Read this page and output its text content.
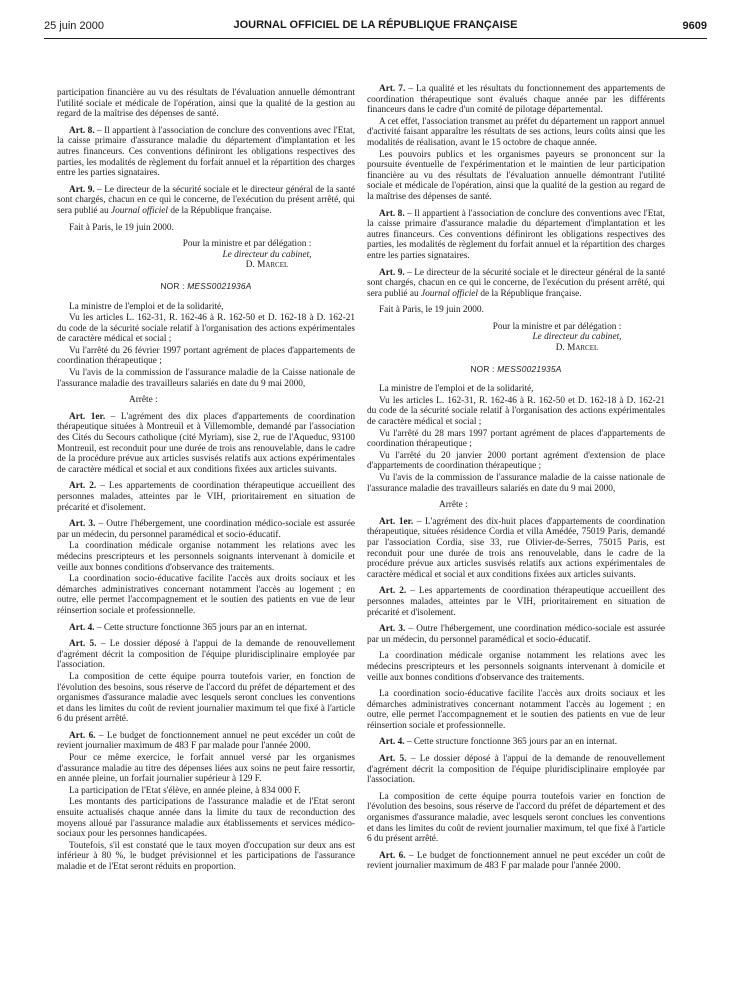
25 juin 2000	JOURNAL OFFICIEL DE LA RÉPUBLIQUE FRANÇAISE	9609

participation financière au vu des résultats de l'évaluation annuelle démontrant l'utilité sociale et médicale de l'opération, ainsi que la qualité de la gestion au regard de la maîtrise des dépenses de santé.

Art. 8. – Il appartient à l'association de conclure des conventions avec l'Etat, la caisse primaire d'assurance maladie du département d'implantation et les autres financeurs. Ces conventions définiront les obligations respectives des parties, les modalités de règlement du forfait annuel et la répartition des charges entre les parties signataires.

Art. 9. – Le directeur de la sécurité sociale et le directeur général de la santé sont chargés, chacun en ce qui le concerne, de l'exécution du présent arrêté, qui sera publié au Journal officiel de la République française.

Fait à Paris, le 19 juin 2000.

Pour la ministre et par délégation :
Le directeur du cabinet,
D. Marcel
NOR : MESS0021936A

La ministre de l'emploi et de la solidarité,

Vu les articles L. 162-31, R. 162-46 à R. 162-50 et D. 162-18 à D. 162-21 du code de la sécurité sociale relatif à l'organisation des actions expérimentales de caractère médical et social ;

Vu l'arrêté du 26 février 1997 portant agrément de places d'appartements de coordination thérapeutique ;

Vu l'avis de la commission de l'assurance maladie de la Caisse nationale de l'assurance maladie des travailleurs salariés en date du 9 mai 2000,

Arrête :

Art. 1er. – L'agrément des dix places d'appartements de coordination thérapeutique situées à Montreuil et à Villemomble, demandé par l'association des Cités du Secours catholique (cité Myriam), sise 2, rue de l'Aqueduc, 93100 Montreuil, est reconduit pour une durée de trois ans renouvelable, dans le cadre de la procédure prévue aux articles susvisés relatifs aux actions expérimentales de caractère médical et social et aux conditions fixées aux articles suivants.

Art. 2. – Les appartements de coordination thérapeutique accueillent des personnes malades, atteintes par le VIH, prioritairement en situation de précarité et d'isolement.

Art. 3. – Outre l'hébergement, une coordination médico-sociale est assurée par un médecin, du personnel paramédical et socio-éducatif.

La coordination médicale organise notamment les relations avec les médecins prescripteurs et les personnels soignants intervenant à domicile et veille aux bonnes conditions d'observance des traitements.

La coordination socio-éducative facilite l'accès aux droits sociaux et les démarches administratives concernant notamment l'accès au logement ; en outre, elle permet l'accompagnement et le soutien des patients en vue de leur réinsertion sociale et professionnelle.

Art. 4. – Cette structure fonctionne 365 jours par an en internat.

Art. 5. – Le dossier déposé à l'appui de la demande de renouvellement d'agrément décrit la composition de l'équipe pluridisciplinaire employée par l'association.

La composition de cette équipe pourra toutefois varier, en fonction de l'évolution des besoins, sous réserve de l'accord du préfet de département et des organismes d'assurance maladie avec lesquels seront conclues les conventions et dans les limites du coût de revient journalier maximum tel que fixé à l'article 6 du présent arrêté.

Art. 6. – Le budget de fonctionnement annuel ne peut excéder un coût de revient journalier maximum de 483 F par malade pour l'année 2000.

Pour ce même exercice, le forfait annuel versé par les organismes d'assurance maladie au titre des dépenses liées aux soins ne peut faire ressortir, en année pleine, un forfait journalier supérieur à 129 F.

La participation de l'Etat s'élève, en année pleine, à 834 000 F.

Les montants des participations de l'assurance maladie et de l'Etat seront ensuite actualisés chaque année dans la limite du taux de reconduction des moyens alloué par l'assurance maladie aux établissements et services médico-sociaux pour les personnes handicapées.

Toutefois, s'il est constaté que le taux moyen d'occupation sur deux ans est inférieur à 80 %, le budget prévisionnel et les participations de l'assurance maladie et de l'Etat seront réduits en proportion.

Art. 7. – La qualité et les résultats du fonctionnement des appartements de coordination thérapeutique sont évalués chaque année par les différents financeurs dans le cadre d'un comité de pilotage départemental.

A cet effet, l'association transmet au préfet du département un rapport annuel d'activité faisant apparaître les résultats de ses actions, leurs coûts ainsi que les modalités de réalisation, avant le 15 octobre de chaque année.

Les pouvoirs publics et les organismes payeurs se prononcent sur la poursuite éventuelle de l'expérimentation et le maintien de leur participation financière au vu des résultats de l'évaluation annuelle démontrant l'utilité sociale et médicale de l'opération, ainsi que la qualité de la gestion au regard de la maîtrise des dépenses de santé.

Art. 8. – Il appartient à l'association de conclure des conventions avec l'Etat, la caisse primaire d'assurance maladie du département d'implantation et les autres financeurs. Ces conventions définiront les obligations respectives des parties, les modalités de règlement du forfait annuel et la répartition des charges entre les parties signataires.

Art. 9. – Le directeur de la sécurité sociale et le directeur général de la santé sont chargés, chacun en ce qui le concerne, de l'exécution du présent arrêté, qui sera publié au Journal officiel de la République française.

Fait à Paris, le 19 juin 2000.

Pour la ministre et par délégation :
Le directeur du cabinet,
D. Marcel
NOR : MESS0021935A

La ministre de l'emploi et de la solidarité,

Vu les articles L. 162-31, R. 162-46 à R. 162-50 et D. 162-18 à D. 162-21 du code de la sécurité sociale relatif à l'organisation des actions expérimentales de caractère médical et social ;

Vu l'arrêté du 28 mars 1997 portant agrément de places d'appartements de coordination thérapeutique ;

Vu l'arrêté du 20 janvier 2000 portant agrément d'extension de place d'appartements de coordination thérapeutique ;

Vu l'avis de la commission de l'assurance maladie de la caisse nationale de l'assurance maladie des travailleurs salariés en date du 9 mai 2000,

Arrête :

Art. 1er. – L'agrément des dix-huit places d'appartements de coordination thérapeutique, situées résidence Cordia et villa Amédée, 75019 Paris, demandé par l'association Cordia, sise 33, rue Olivier-de-Serres, 75015 Paris, est reconduit pour une durée de trois ans renouvelable, dans le cadre de la procédure prévue aux articles susvisés relatifs aux actions expérimentales de caractère médical et social et aux conditions fixées aux articles suivants.

Art. 2. – Les appartements de coordination thérapeutique accueillent des personnes malades, atteintes par le VIH, prioritairement en situation de précarité et d'isolement.

Art. 3. – Outre l'hébergement, une coordination médico-sociale est assurée par un médecin, du personnel paramédical et socio-éducatif.

La coordination médicale organise notamment les relations avec les médecins prescripteurs et les personnels soignants intervenant à domicile et veille aux bonnes conditions d'observance des traitements.

La coordination socio-éducative facilite l'accès aux droits sociaux et les démarches administratives concernant notamment l'accès au logement ; en outre, elle permet l'accompagnement et le soutien des patients en vue de leur réinsertion sociale et professionnelle.

Art. 4. – Cette structure fonctionne 365 jours par an en internat.

Art. 5. – Le dossier déposé à l'appui de la demande de renouvellement d'agrément décrit la composition de l'équipe pluridisciplinaire employée par l'association.

La composition de cette équipe pourra toutefois varier en fonction de l'évolution des besoins, sous réserve de l'accord du préfet de département et des organismes d'assurance maladie, avec lesquels seront conclues les conventions et dans les limites du coût de revient journalier maximum, tel que fixé à l'article 6 du présent arrêté.

Art. 6. – Le budget de fonctionnement annuel ne peut excéder un coût de revient journalier maximum de 483 F par malade pour l'année 2000.
